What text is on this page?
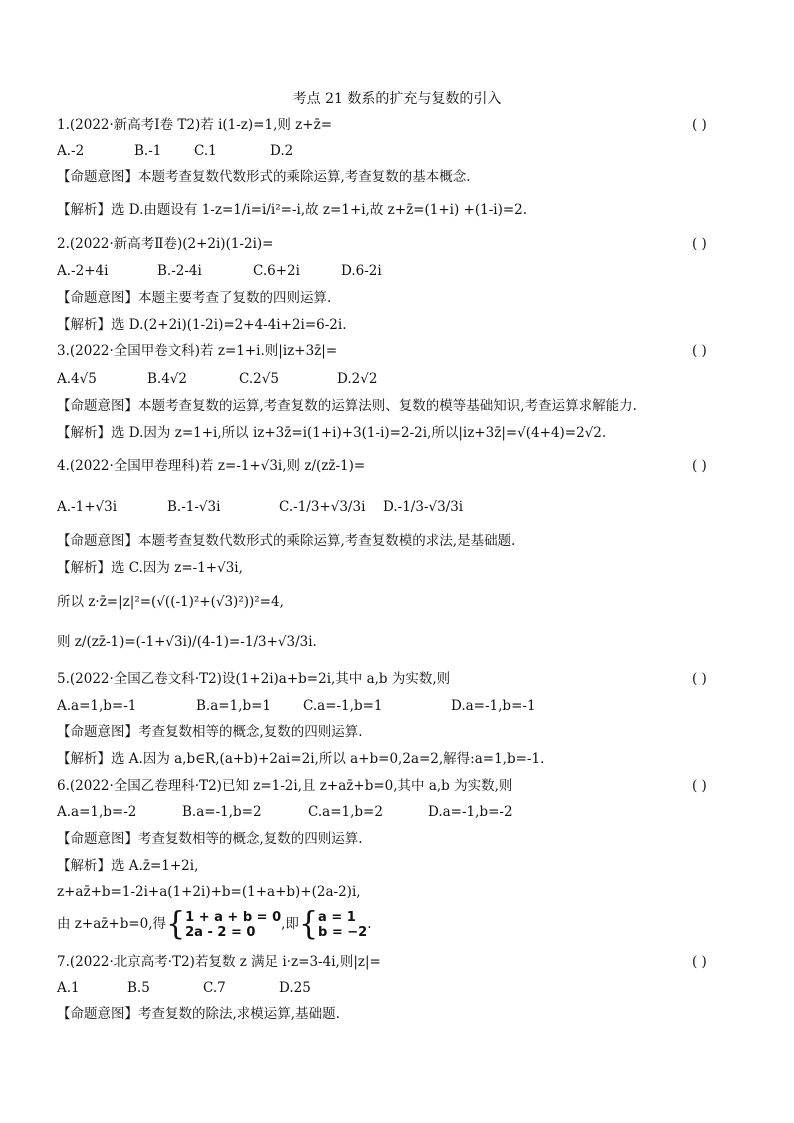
考点 21 数系的扩充与复数的引入
1.(2022·新高考Ⅰ卷 T2)若 i(1-z)=1,则 z+z̄=	( )
A.-2	B.-1	C.1	D.2
【命题意图】本题考查复数代数形式的乘除运算,考查复数的基本概念.
【解析】选 D.由题设有 1-z=1/i=i/i²=-i,故 z=1+i,故 z+z̄=(1+i) +(1-i)=2.
2.(2022·新高考Ⅱ卷)(2+2i)(1-2i)=	( )
A.-2+4i	B.-2-4i	C.6+2i	D.6-2i
【命题意图】本题主要考查了复数的四则运算.
【解析】选 D.(2+2i)(1-2i)=2+4-4i+2i=6-2i.
3.(2022·全国甲卷文科)若 z=1+i.则|iz+3z̄|=	( )
A.4√5	B.4√2	C.2√5	D.2√2
【命题意图】本题考查复数的运算,考查复数的运算法则、复数的模等基础知识,考查运算求解能力.
【解析】选 D.因为 z=1+i,所以 iz+3z̄=i(1+i)+3(1-i)=2-2i,所以|iz+3z̄|=√(4+4)=2√2.
4.(2022·全国甲卷理科)若 z=-1+√3i,则 z/(zz̄-1)=	( )
A.-1+√3i	B.-1-√3i	C.-1/3+√3/3i	D.-1/3-√3/3i
【命题意图】本题考查复数代数形式的乘除运算,考查复数模的求法,是基础题.
【解析】选 C.因为 z=-1+√3i,
所以 z·z̄=|z|²=(√((-1)²+(√3)²))²=4,
则 z/(zz̄-1)=(-1+√3i)/(4-1)=-1/3+√3/3i.
5.(2022·全国乙卷文科·T2)设(1+2i)a+b=2i,其中 a,b 为实数,则	( )
A.a=1,b=-1	B.a=1,b=1	C.a=-1,b=1	D.a=-1,b=-1
【命题意图】考查复数相等的概念,复数的四则运算.
【解析】选 A.因为 a,b∈R,(a+b)+2ai=2i,所以 a+b=0,2a=2,解得:a=1,b=-1.
6.(2022·全国乙卷理科·T2)已知 z=1-2i,且 z+az̄+b=0,其中 a,b 为实数,则	( )
A.a=1,b=-2	B.a=-1,b=2	C.a=1,b=2	D.a=-1,b=-2
【命题意图】考查复数相等的概念,复数的四则运算.
【解析】选 A.z̄=1+2i,
z+az̄+b=1-2i+a(1+2i)+b=(1+a+b)+(2a-2)i,
由 z+az̄+b=0,得{ 1 + a + b = 0
2a - 2 = 0	,即{ a = 1
b = −2 .
7.(2022·北京高考·T2)若复数 z 满足 i·z=3-4i,则|z|=	( )
A.1	B.5	C.7	D.25
【命题意图】考查复数的除法,求模运算,基础题.
